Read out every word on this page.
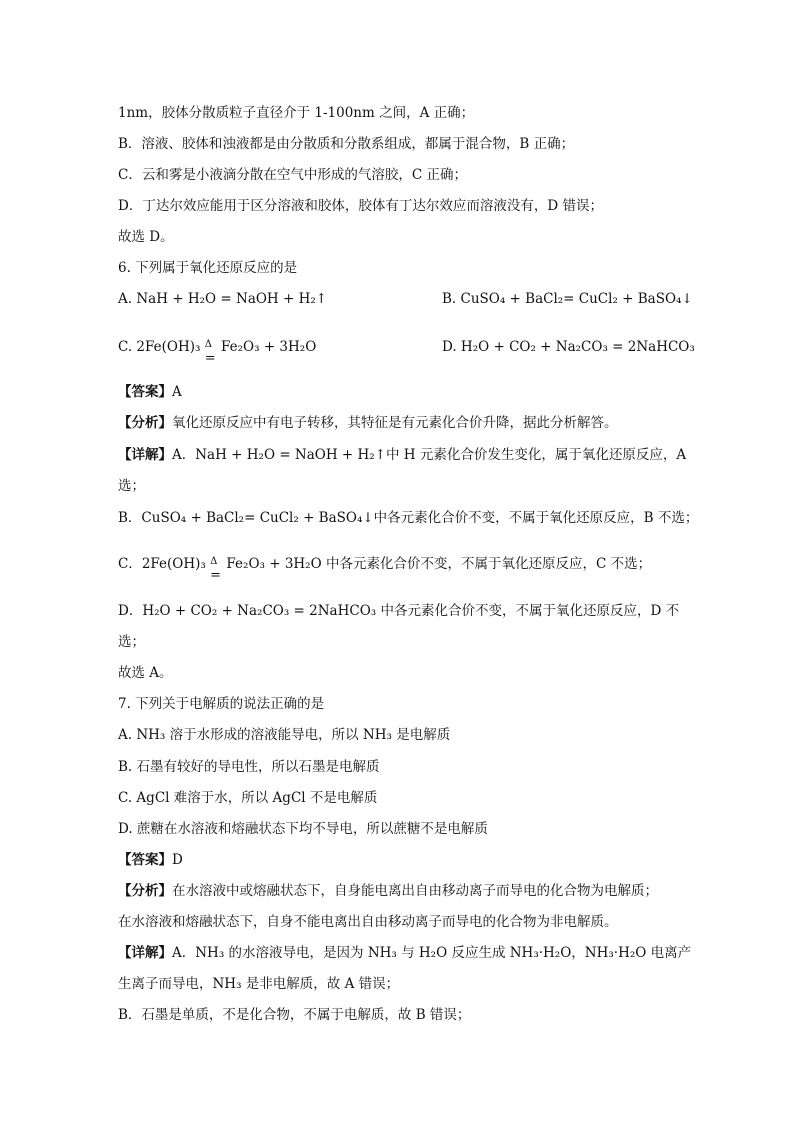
1nm，胶体分散质粒子直径介于 1-100nm 之间，A 正确；
B．溶液、胶体和浊液都是由分散质和分散系组成，都属于混合物，B 正确；
C．云和雾是小液滴分散在空气中形成的气溶胶，C 正确；
D．丁达尔效应能用于区分溶液和胶体，胶体有丁达尔效应而溶液没有，D 错误；
故选 D。
6. 下列属于氧化还原反应的是
A. NaH + H₂O = NaOH + H₂↑	B. CuSO₄ + BaCl₂= CuCl₂ + BaSO₄↓
C. 2Fe(OH)₃ Δ
=
Fe₂O₃ + 3H₂O	D. H₂O + CO₂ + Na₂CO₃ = 2NaHCO₃
【答案】A
【分析】氧化还原反应中有电子转移，其特征是有元素化合价升降，据此分析解答。
【详解】A．NaH + H₂O = NaOH + H₂↑中 H 元素化合价发生变化，属于氧化还原反应，A
选；
B．CuSO₄ + BaCl₂= CuCl₂ + BaSO₄↓中各元素化合价不变，不属于氧化还原反应，B 不选；
C．2Fe(OH)₃ Δ
=
Fe₂O₃ + 3H₂O 中各元素化合价不变，不属于氧化还原反应，C 不选；
D．H₂O + CO₂ + Na₂CO₃ = 2NaHCO₃ 中各元素化合价不变，不属于氧化还原反应，D 不
选；
故选 A。
7. 下列关于电解质的说法正确的是
A. NH₃ 溶于水形成的溶液能导电，所以 NH₃ 是电解质
B. 石墨有较好的导电性，所以石墨是电解质
C. AgCl 难溶于水，所以 AgCl 不是电解质
D. 蔗糖在水溶液和熔融状态下均不导电，所以蔗糖不是电解质
【答案】D
【分析】在水溶液中或熔融状态下，自身能电离出自由移动离子而导电的化合物为电解质；
在水溶液和熔融状态下，自身不能电离出自由移动离子而导电的化合物为非电解质。
【详解】A．NH₃ 的水溶液导电，是因为 NH₃ 与 H₂O 反应生成 NH₃·H₂O，NH₃·H₂O 电离产
生离子而导电，NH₃ 是非电解质，故 A 错误；
B．石墨是单质，不是化合物，不属于电解质，故 B 错误；
